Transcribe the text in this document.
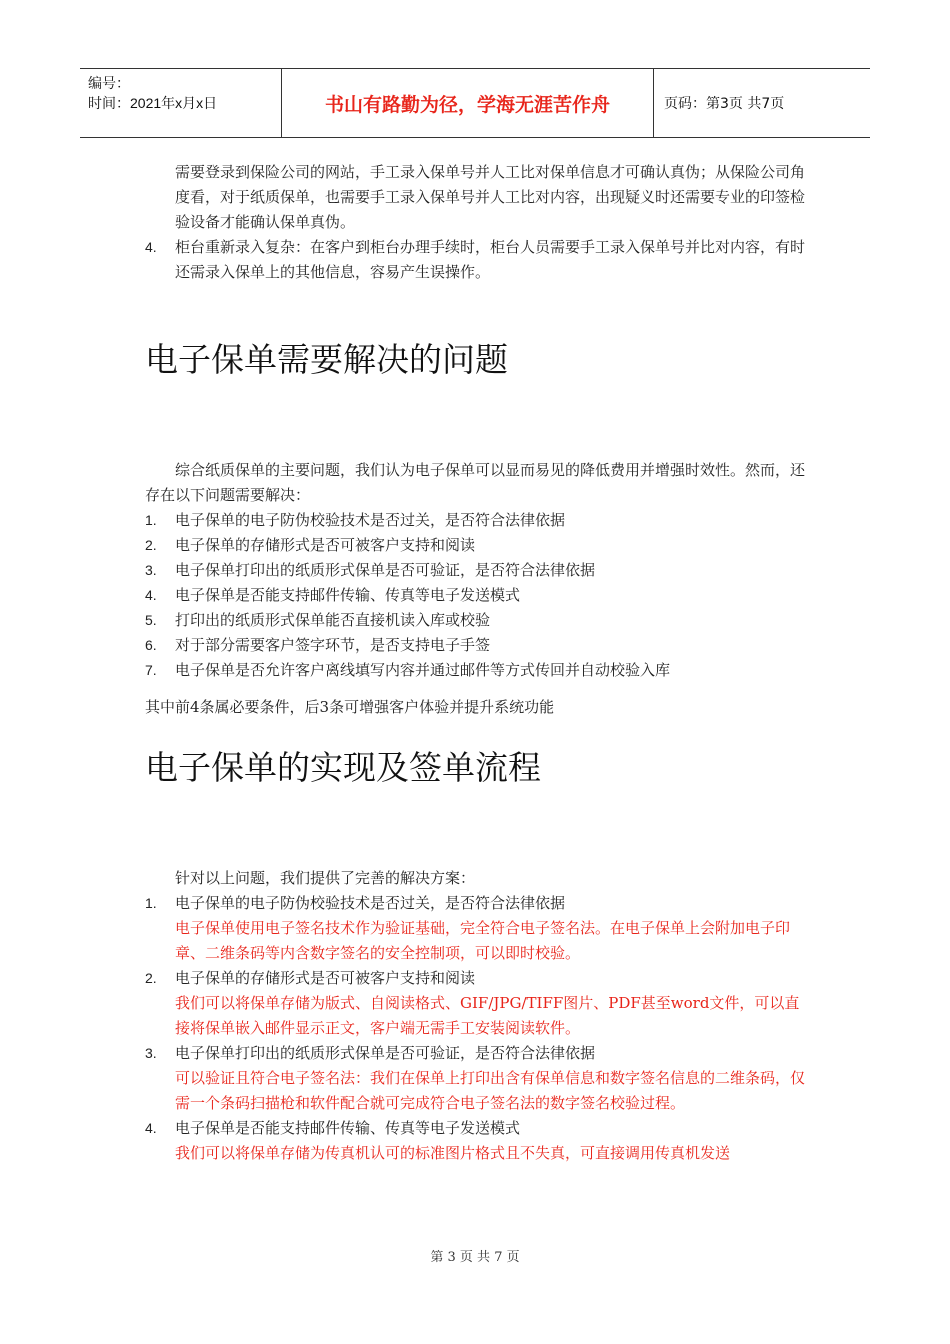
编号：
时间：2021年x月x日	书山有路勤为径，学海无涯苦作舟	页码：第3页 共7页

需要登录到保险公司的网站，手工录入保单号并人工比对保单信息才可确认真伪；从保险公司角度看，对于纸质保单，也需要手工录入保单号并人工比对内容，出现疑义时还需要专业的印签检验设备才能确认保单真伪。

4. 柜台重新录入复杂：在客户到柜台办理手续时，柜台人员需要手工录入保单号并比对内容，有时还需录入保单上的其他信息，容易产生误操作。
电子保单需要解决的问题

综合纸质保单的主要问题，我们认为电子保单可以显而易见的降低费用并增强时效性。然而，还存在以下问题需要解决：

1. 电子保单的电子防伪校验技术是否过关，是否符合法律依据
2. 电子保单的存储形式是否可被客户支持和阅读
3. 电子保单打印出的纸质形式保单是否可验证，是否符合法律依据
4. 电子保单是否能支持邮件传输、传真等电子发送模式
5. 打印出的纸质形式保单能否直接机读入库或校验
6. 对于部分需要客户签字环节，是否支持电子手签
7. 电子保单是否允许客户离线填写内容并通过邮件等方式传回并自动校验入库

其中前4条属必要条件，后3条可增强客户体验并提升系统功能

电子保单的实现及签单流程

针对以上问题，我们提供了完善的解决方案：

1. 电子保单的电子防伪校验技术是否过关，是否符合法律依据
电子保单使用电子签名技术作为验证基础，完全符合电子签名法。在电子保单上会附加电子印章、二维条码等内含数字签名的安全控制项，可以即时校验。
2. 电子保单的存储形式是否可被客户支持和阅读
我们可以将保单存储为版式、自阅读格式、GIF/JPG/TIFF图片、PDF甚至word文件，可以直接将保单嵌入邮件显示正文，客户端无需手工安装阅读软件。
3. 电子保单打印出的纸质形式保单是否可验证，是否符合法律依据
可以验证且符合电子签名法：我们在保单上打印出含有保单信息和数字签名信息的二维条码，仅需一个条码扫描枪和软件配合就可完成符合电子签名法的数字签名校验过程。
4. 电子保单是否能支持邮件传输、传真等电子发送模式
我们可以将保单存储为传真机认可的标准图片格式且不失真，可直接调用传真机发送
第 3 页 共 7 页
